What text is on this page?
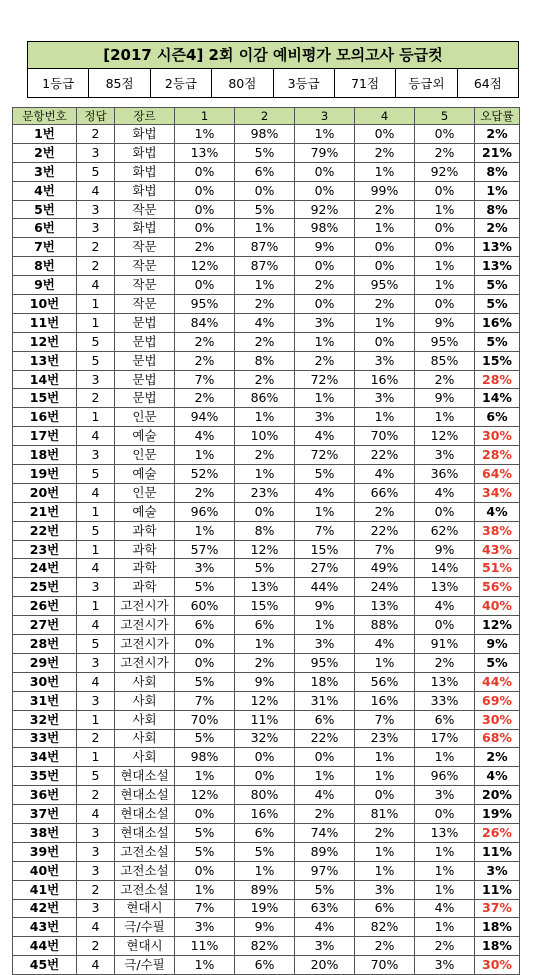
[2017 시즌4] 2회 이감 예비평가 모의고사 등급컷
1등급	85점	2등급	80점	3등급	71점	등급외	64점
문항번호	정답	장르	1	2	3	4	5	오답률
1번	2	화법	1%	98%	1%	0%	0%	2%
2번	3	화법	13%	5%	79%	2%	2%	21%
3번	5	화법	0%	6%	0%	1%	92%	8%
4번	4	화법	0%	0%	0%	99%	0%	1%
5번	3	작문	0%	5%	92%	2%	1%	8%
6번	3	화법	0%	1%	98%	1%	0%	2%
7번	2	작문	2%	87%	9%	0%	0%	13%
8번	2	작문	12%	87%	0%	0%	1%	13%
9번	4	작문	0%	1%	2%	95%	1%	5%
10번	1	작문	95%	2%	0%	2%	0%	5%
11번	1	문법	84%	4%	3%	1%	9%	16%
12번	5	문법	2%	2%	1%	0%	95%	5%
13번	5	문법	2%	8%	2%	3%	85%	15%
14번	3	문법	7%	2%	72%	16%	2%	28%
15번	2	문법	2%	86%	1%	3%	9%	14%
16번	1	인문	94%	1%	3%	1%	1%	6%
17번	4	예술	4%	10%	4%	70%	12%	30%
18번	3	인문	1%	2%	72%	22%	3%	28%
19번	5	예술	52%	1%	5%	4%	36%	64%
20번	4	인문	2%	23%	4%	66%	4%	34%
21번	1	예술	96%	0%	1%	2%	0%	4%
22번	5	과학	1%	8%	7%	22%	62%	38%
23번	1	과학	57%	12%	15%	7%	9%	43%
24번	4	과학	3%	5%	27%	49%	14%	51%
25번	3	과학	5%	13%	44%	24%	13%	56%
26번	1	고전시가	60%	15%	9%	13%	4%	40%
27번	4	고전시가	6%	6%	1%	88%	0%	12%
28번	5	고전시가	0%	1%	3%	4%	91%	9%
29번	3	고전시가	0%	2%	95%	1%	2%	5%
30번	4	사회	5%	9%	18%	56%	13%	44%
31번	3	사회	7%	12%	31%	16%	33%	69%
32번	1	사회	70%	11%	6%	7%	6%	30%
33번	2	사회	5%	32%	22%	23%	17%	68%
34번	1	사회	98%	0%	0%	1%	1%	2%
35번	5	현대소설	1%	0%	1%	1%	96%	4%
36번	2	현대소설	12%	80%	4%	0%	3%	20%
37번	4	현대소설	0%	16%	2%	81%	0%	19%
38번	3	현대소설	5%	6%	74%	2%	13%	26%
39번	3	고전소설	5%	5%	89%	1%	1%	11%
40번	3	고전소설	0%	1%	97%	1%	1%	3%
41번	2	고전소설	1%	89%	5%	3%	1%	11%
42번	3	현대시	7%	19%	63%	6%	4%	37%
43번	4	극/수필	3%	9%	4%	82%	1%	18%
44번	2	현대시	11%	82%	3%	2%	2%	18%
45번	4	극/수필	1%	6%	20%	70%	3%	30%
